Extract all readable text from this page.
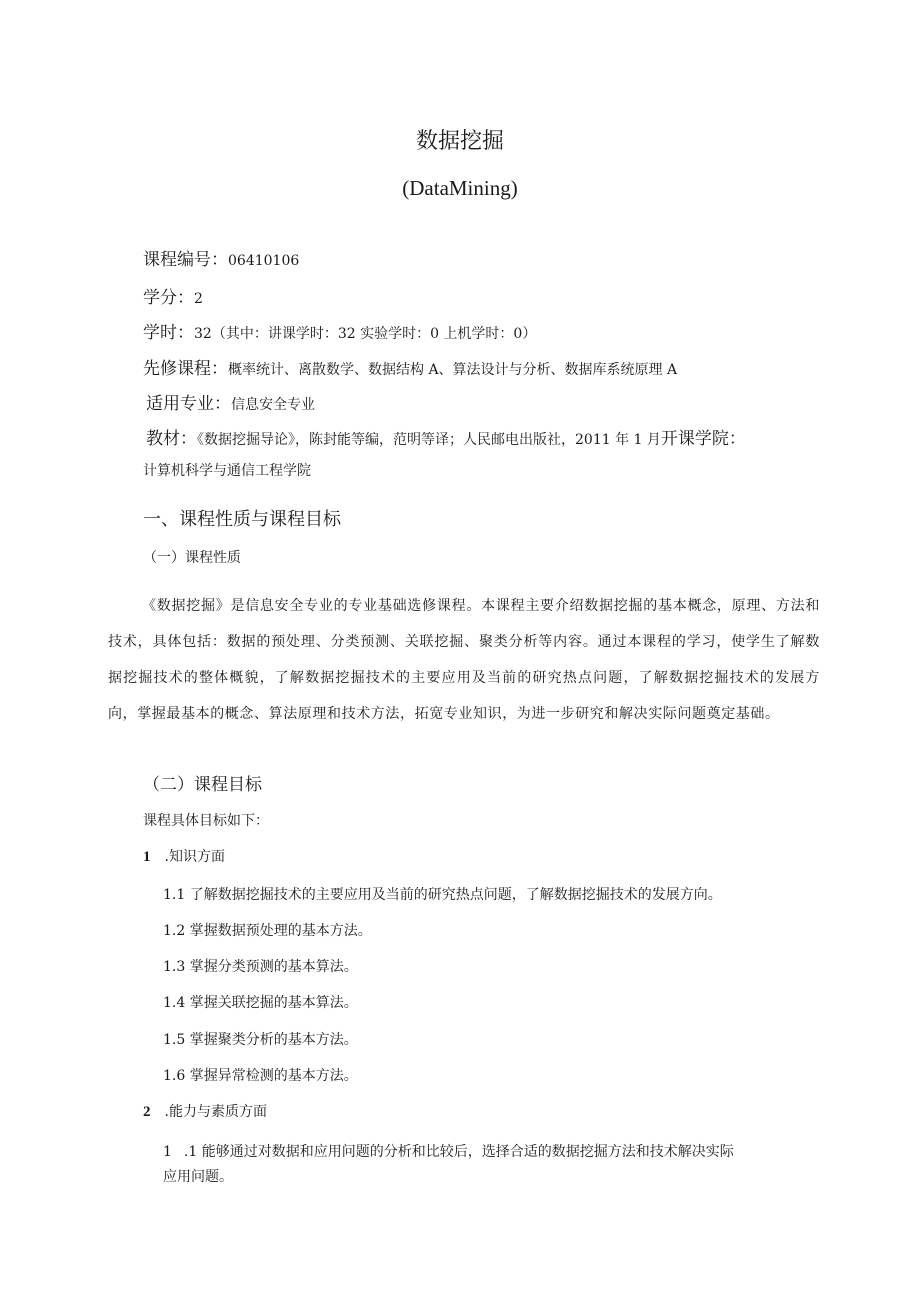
数据挖掘
(DataMining)
课程编号：06410106
学分：2
学时：32（其中：讲课学时：32 实验学时：0 上机学时：0）
先修课程：概率统计、离散数学、数据结构 A、算法设计与分析、数据库系统原理 A
适用专业：信息安全专业
教材：《数据挖掘导论》，陈封能等编，范明等译；人民邮电出版社，2011 年 1 月开课学院：
计算机科学与通信工程学院
一、课程性质与课程目标
（一）课程性质
《数据挖掘》是信息安全专业的专业基础选修课程。本课程主要介绍数据挖掘的基本概念，原理、方法和技术，具体包括：数据的预处理、分类预测、关联挖掘、聚类分析等内容。通过本课程的学习，使学生了解数据挖掘技术的整体概貌，了解数据挖掘技术的主要应用及当前的研究热点问题，了解数据挖掘技术的发展方向，掌握最基本的概念、算法原理和技术方法，拓宽专业知识，为进一步研究和解决实际问题奠定基础。
（二）课程目标
课程具体目标如下：
1 .知识方面
1.1 了解数据挖掘技术的主要应用及当前的研究热点问题，了解数据挖掘技术的发展方向。
1.2 掌握数据预处理的基本方法。
1.3 掌握分类预测的基本算法。
1.4 掌握关联挖掘的基本算法。
1.5 掌握聚类分析的基本方法。
1.6 掌握异常检测的基本方法。
2 .能力与素质方面
1 .1 能够通过对数据和应用问题的分析和比较后，选择合适的数据挖掘方法和技术解决实际
应用问题。
